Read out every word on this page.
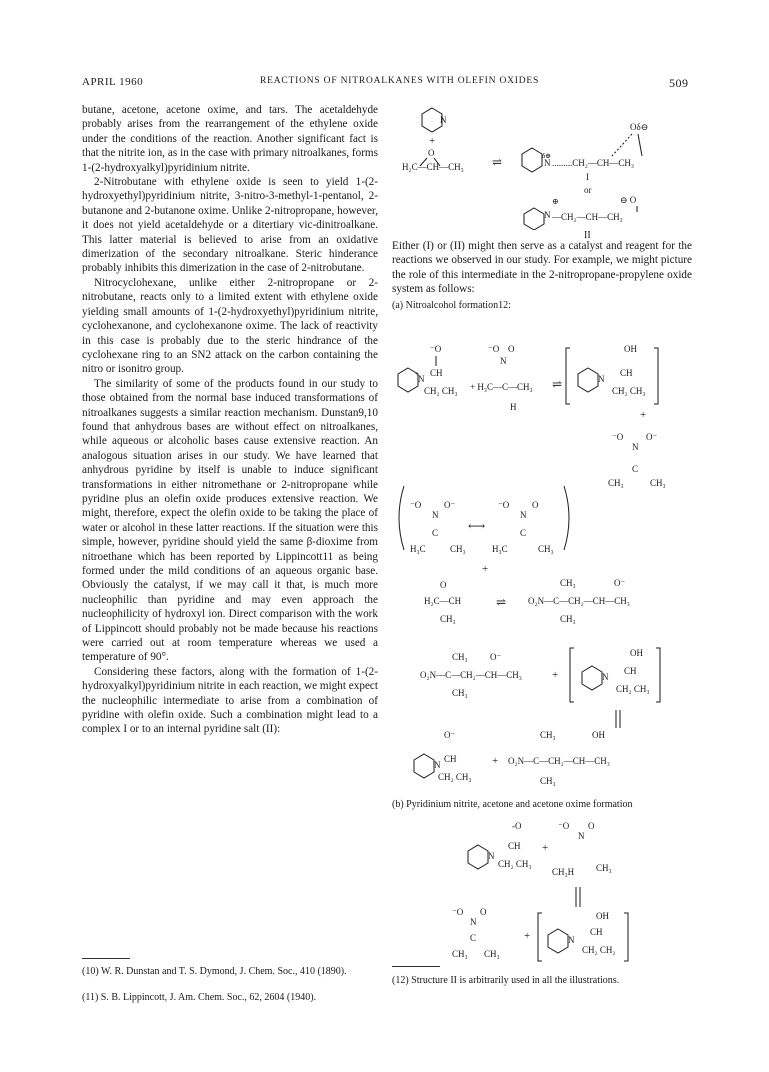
APRIL 1960	REACTIONS OF NITROALKANES WITH OLEFIN OXIDES	509

butane, acetone, acetone oxime, and tars. The acetaldehyde probably arises from the rearrangement of the ethylene oxide under the conditions of the reaction. Another significant fact is that the nitrite ion, as in the case with primary nitroalkanes, forms 1-(2-hydroxyalkyl)pyridinium nitrite.

2-Nitrobutane with ethylene oxide is seen to yield 1-(2-hydroxyethyl)pyridinium nitrite, 3-nitro-3-methyl-1-pentanol, 2-butanone and 2-butanone oxime. Unlike 2-nitropropane, however, it does not yield acetaldehyde or a ditertiary vic-dinitroalkane. This latter material is believed to arise from an oxidative dimerization of the secondary nitroalkane. Steric hinderance probably inhibits this dimerization in the case of 2-nitrobutane.

Nitrocyclohexane, unlike either 2-nitropropane or 2-nitrobutane, reacts only to a limited extent with ethylene oxide yielding small amounts of 1-(2-hydroxyethyl)pyridinium nitrite, cyclohexanone, and cyclohexanone oxime. The lack of reactivity in this case is probably due to the steric hindrance of the cyclohexane ring to an SN2 attack on the carbon containing the nitro or isonitro group.

The similarity of some of the products found in our study to those obtained from the normal base induced transformations of nitroalkanes suggests a similar reaction mechanism. Dunstan9,10 found that anhydrous bases are without effect on nitroalkanes, while aqueous or alcoholic bases cause extensive reaction. An analogous situation arises in our study. We have learned that anhydrous pyridine by itself is unable to induce significant transformations in either nitromethane or 2-nitropropane while pyridine plus an olefin oxide produces extensive reaction. We might, therefore, expect the olefin oxide to be taking the place of water or alcohol in these latter reactions. If the situation were this simple, however, pyridine should yield the same β-dioxime from nitroethane which has been reported by Lippincott11 as being formed under the mild conditions of an aqueous organic base. Obviously the catalyst, if we may call it that, is much more nucleophilic than pyridine and may even approach the nucleophilicity of hydroxyl ion. Direct comparison with the work of Lippincott should probably not be made because his reactions were carried out at room temperature whereas we used a temperature of 90°.

Considering these factors, along with the formation of 1-(2-hydroxyalkyl)pyridinium nitrite in each reaction, we might expect the nucleophilic intermediate to arise from a combination of pyridine with olefin oxide. Such a combination might lead to a complex I or to an internal pyridine salt (II):

(10) W. R. Dunstan and T. S. Dymond, J. Chem. Soc., 410 (1890).
(11) S. B. Lippincott, J. Am. Chem. Soc., 62, 2604 (1940).
N
+
O
H₂C—CH—CH₃ ⇌	δ⊕
N .........CH₂—CH—CH₃
Oδ⊖
I
or
⊖ O
N
⊕
—CH₂—CH—CH₃
II
Either (I) or (II) might then serve as a catalyst and reagent for the reactions we observed in our study. For example, we might picture the role of this intermediate in the 2-nitropropane-propylene oxide system as follows:
(a) Nitroalcohol formation12:
+ N
⁻O
CH
CH₂ CH₃
⁻O O
N
+ H₃C—C—CH₃
H
⇌	N
OH
CH
CH₂ CH₃
+
⁻O	O⁻
N
C
CH₃	CH₃
⁻O	O⁻
N
C
H₃C	CH₃
⟷
⁻O	O
N
C
H₃C	CH₃
+
O
H₂C—CH
CH₃
⇌
CH₃	O⁻
O₂N—C—CH₂—CH—CH₃
CH₃
CH₃ O⁻
O₂N—C—CH₂—CH—CH₃
CH₃
+	N
OH
CH
CH₂ CH₃
O⁻
N
CH
CH₂ CH₃
+
CH₃	OH
O₂N—C—CH₂—CH—CH₃
CH₃
(b) Pyridinium nitrite, acetone and acetone oxime formation
-O
N
CH
CH₂ CH₃
+
⁻O O
N
CH₃H CH₃
⁻O O
N
C
CH₃ CH₃
+	N
OH
CH
CH₂ CH₂
(12) Structure II is arbitrarily used in all the illustrations.
